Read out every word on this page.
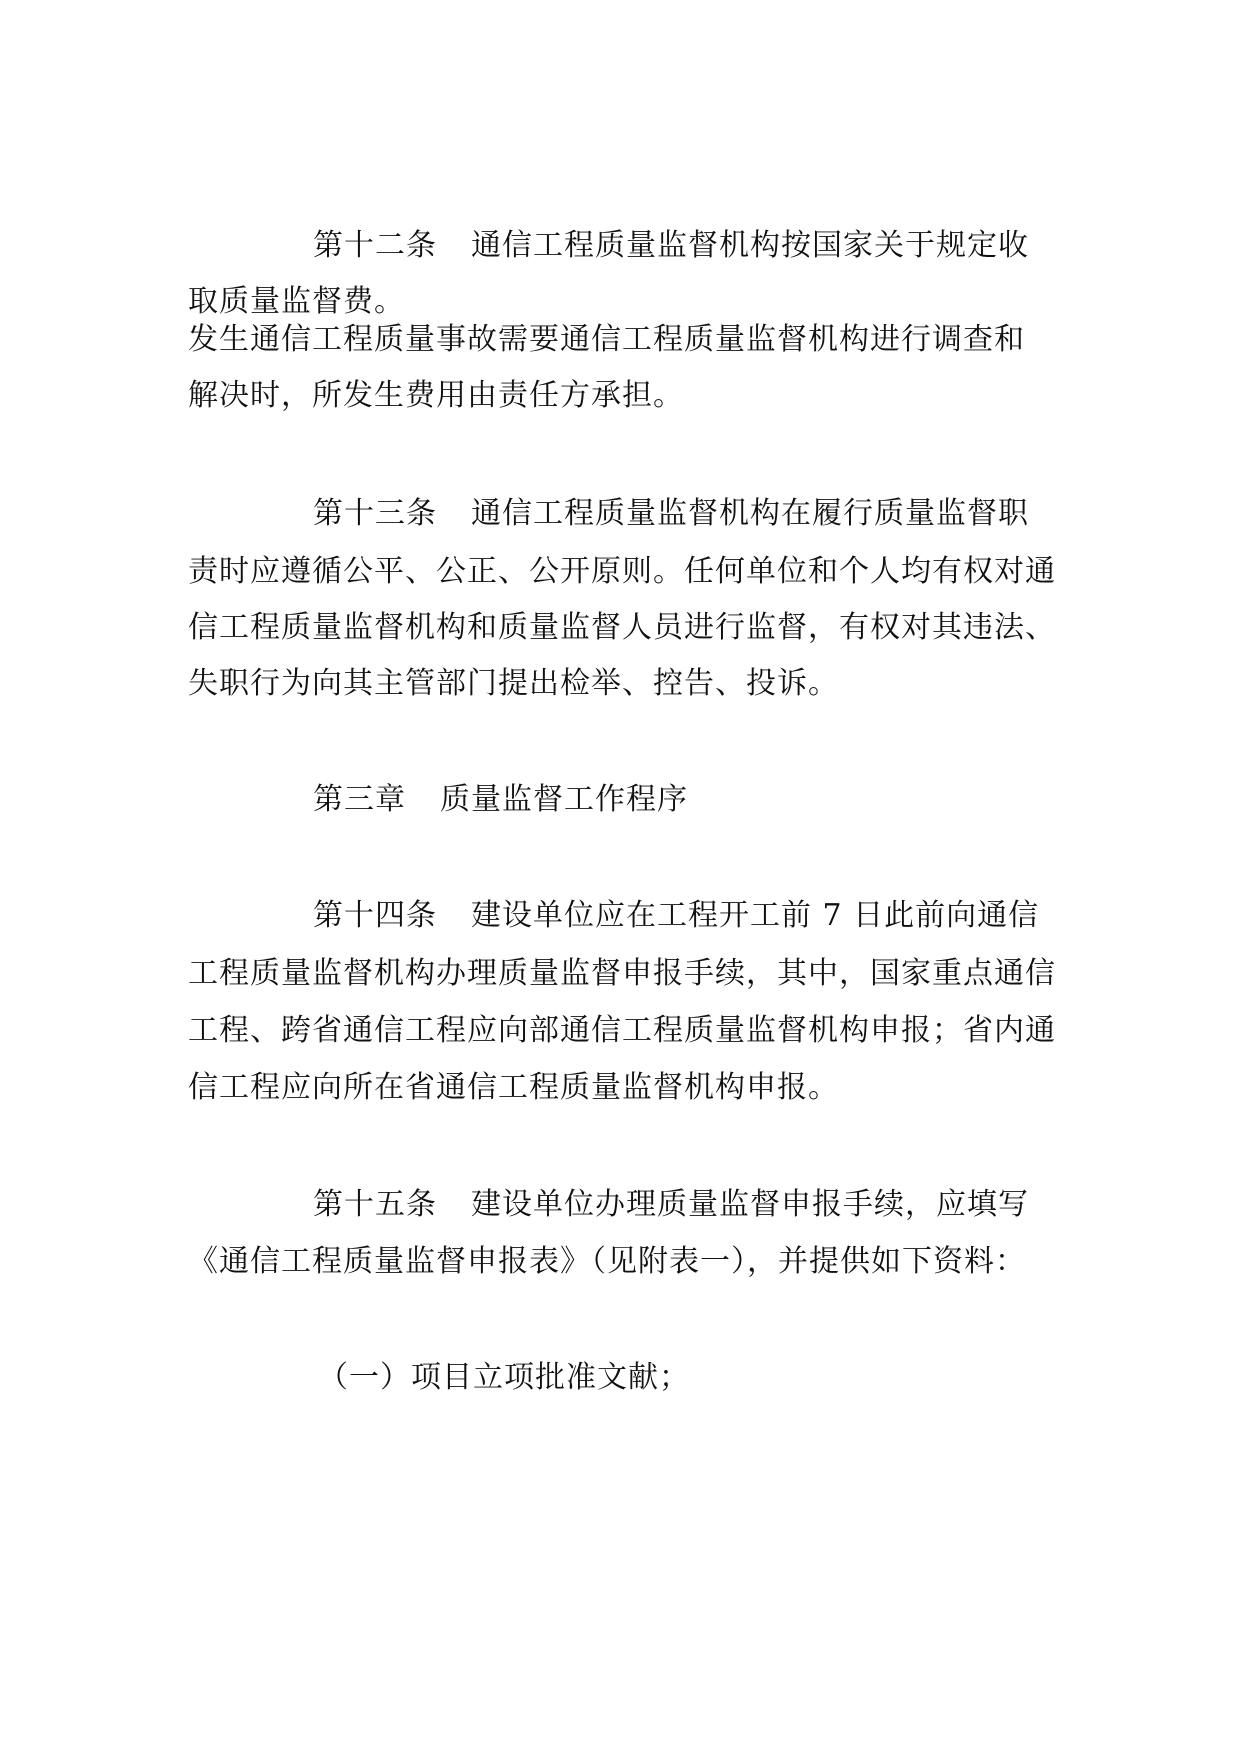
第十二条 通信工程质量监督机构按国家关于规定收
取质量监督费。
发生通信工程质量事故需要通信工程质量监督机构进行调查和
解决时，所发生费用由责任方承担。
第十三条 通信工程质量监督机构在履行质量监督职
责时应遵循公平、公正、公开原则。任何单位和个人均有权对通
信工程质量监督机构和质量监督人员进行监督，有权对其违法、
失职行为向其主管部门提出检举、控告、投诉。
第三章 质量监督工作程序
第十四条 建设单位应在工程开工前 7 日此前向通信
工程质量监督机构办理质量监督申报手续，其中，国家重点通信
工程、跨省通信工程应向部通信工程质量监督机构申报；省内通
信工程应向所在省通信工程质量监督机构申报。
第十五条 建设单位办理质量监督申报手续，应填写
《通信工程质量监督申报表》（见附表一），并提供如下资料：
（一）项目立项批准文献；
